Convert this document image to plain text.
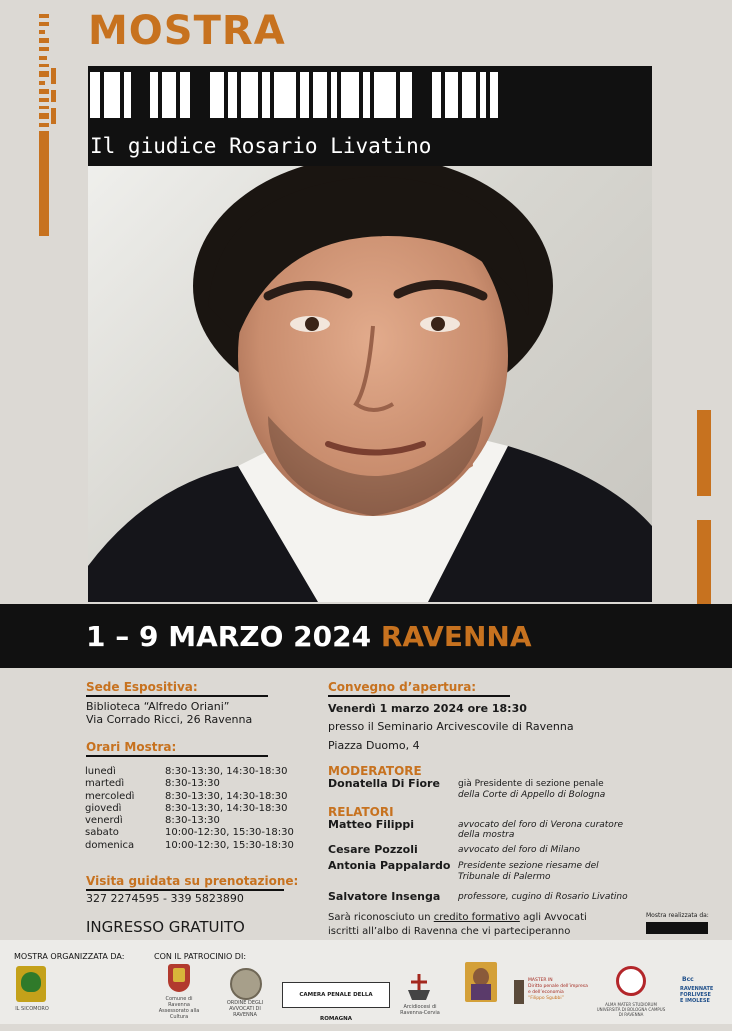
MOSTRA
Il giudice Rosario Livatino
1 – 9 MARZO 2024 RAVENNA
Sede Espositiva:
Biblioteca “Alfredo Oriani”
Via Corrado Ricci, 26 Ravenna
Orari Mostra:
lunedì	8:30-13:30, 14:30-18:30
martedì	8:30-13:30
mercoledì	8:30-13:30, 14:30-18:30
giovedì	8:30-13:30, 14:30-18:30
venerdì	8:30-13:30
sabato	10:00-12:30, 15:30-18:30
domenica	10:00-12:30, 15:30-18:30
Visita guidata su prenotazione:
327 2274595 - 339 5823890
INGRESSO GRATUITO
Convegno d’apertura:
Venerdì 1 marzo 2024 ore 18:30
presso il Seminario Arcivescovile di Ravenna
Piazza Duomo, 4
MODERATORE
Donatella Di Fiore già Presidente di sezione penale
della Corte di Appello di Bologna
RELATORI
Matteo Filippi	avvocato del foro di Verona curatore
della mostra
Cesare Pozzoli	avvocato del foro di Milano
Antonia Pappalardo Presidente sezione riesame del
Tribunale di Palermo
Salvatore Insenga professore, cugino di Rosario Livatino
Sarà riconosciuto un credito formativo agli Avvocati
iscritti all’albo di Ravenna che vi parteciperanno
Mostra realizzata da:
MOSTRA ORGANIZZATA DA:	CON IL PATROCINIO DI:
IL SICOMORO
Comune di Ravenna Assessorato alla Cultura
ORDINE DEGLI AVVOCATI DI RAVENNA
CAMERA PENALE DELLA ROMAGNA
Arcidiocesi di Ravenna-Cervia
MASTER IN
Diritto penale dell’impresa e dell’economia
“Filippo Sgubbi”
ALMA MATER STUDIORUM UNIVERSITÀ DI BOLOGNA CAMPUS DI RAVENNA
Bcc
RAVENNATE
FORLIVESE
E IMOLESE
